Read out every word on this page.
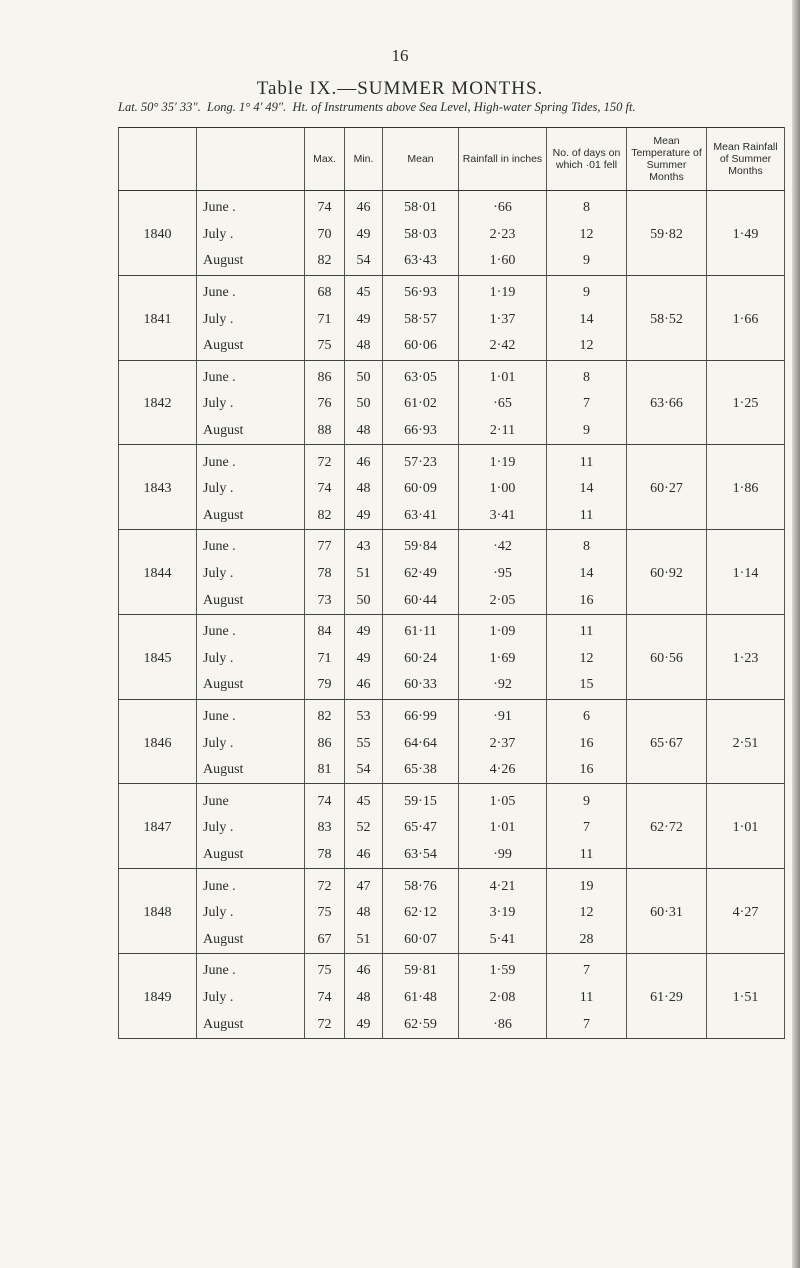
16
Table IX.—SUMMER MONTHS.
Lat. 50° 35′ 33″. Long. 1° 4′ 49″. Ht. of Instruments above Sea Level, High-water Spring Tides, 150 ft.
		Max.	Min.	Mean	Rainfall in inches	No. of days on which ·01 fell	Mean Temperature of Summer Months	Mean Rainfall of Summer Months
1840	June .	74	46	58·01	·66	8	59·82	1·49
	July .	70	49	58·03	2·23	12		
	August	82	54	63·43	1·60	9		
1841	June .	68	45	56·93	1·19	9	58·52	1·66
	July .	71	49	58·57	1·37	14		
	August	75	48	60·06	2·42	12		
1842	June .	86	50	63·05	1·01	8	63·66	1·25
	July .	76	50	61·02	·65	7		
	August	88	48	66·93	2·11	9		
1843	June .	72	46	57·23	1·19	11	60·27	1·86
	July .	74	48	60·09	1·00	14		
	August	82	49	63·41	3·41	11		
1844	June .	77	43	59·84	·42	8	60·92	1·14
	July .	78	51	62·49	·95	14		
	August	73	50	60·44	2·05	16		
1845	June .	84	49	61·11	1·09	11	60·56	1·23
	July .	71	49	60·24	1·69	12		
	August	79	46	60·33	·92	15		
1846	June .	82	53	66·99	·91	6	65·67	2·51
	July .	86	55	64·64	2·37	16		
	August	81	54	65·38	4·26	16		
1847	June	74	45	59·15	1·05	9	62·72	1·01
	July .	83	52	65·47	1·01	7		
	August	78	46	63·54	·99	11		
1848	June .	72	47	58·76	4·21	19	60·31	4·27
	July .	75	48	62·12	3·19	12		
	August	67	51	60·07	5·41	28		
1849	June .	75	46	59·81	1·59	7	61·29	1·51
	July .	74	48	61·48	2·08	11		
	August	72	49	62·59	·86	7		
